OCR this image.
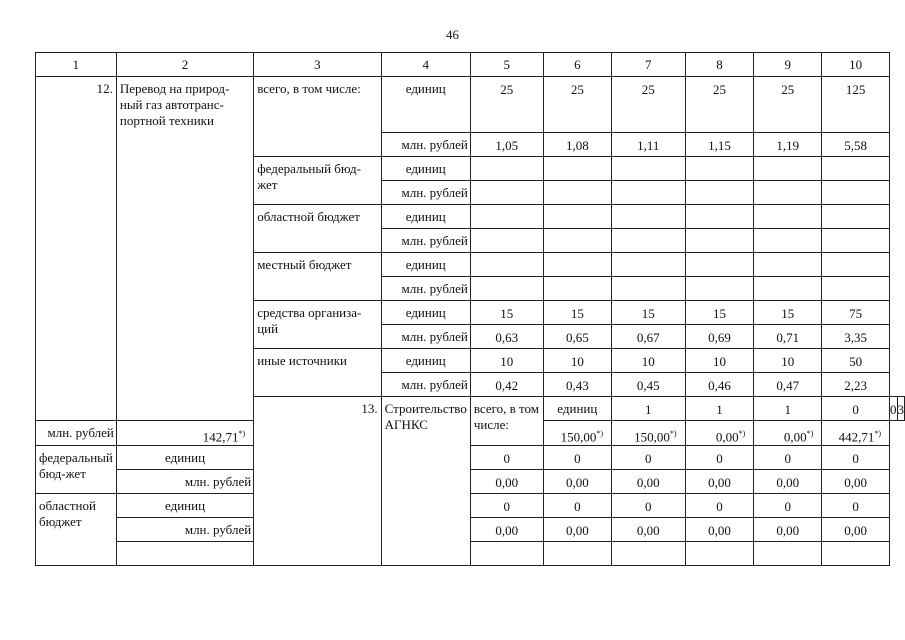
46
1	2	3	4	5	6	7	8	9	10		
12.	Перевод на природ-ный газ автотранс-портной техники	всего, в том числе:	единиц	25	25	25	25	25	125		
			млн. рублей	1,05	1,08	1,11	1,15	1,19	5,58		
		федеральный бюд-жет	единиц								
			млн. рублей								
		областной бюджет	единиц								
			млн. рублей								
		местный бюджет	единиц								
			млн. рублей								
		средства организа-ций	единиц	15	15	15	15	15	75		
			млн. рублей	0,63	0,65	0,67	0,69	0,71	3,35		
		иные источники	единиц	10	10	10	10	10	50		
			млн. рублей	0,42	0,43	0,45	0,46	0,47	2,23		
		13.	Строительство АГНКС	всего, в том числе:	единиц	1	1	1	0	0	3
млн. рублей	142,71*)				150,00*)	150,00*)	0,00*)	0,00*)	442,71*)
федеральный бюд-жет	единиц			0	0	0	0	0	0		
	млн. рублей			0,00	0,00	0,00	0,00	0,00	0,00		
областной бюджет	единиц			0	0	0	0	0	0		
	млн. рублей			0,00	0,00	0,00	0,00	0,00	0,00		
